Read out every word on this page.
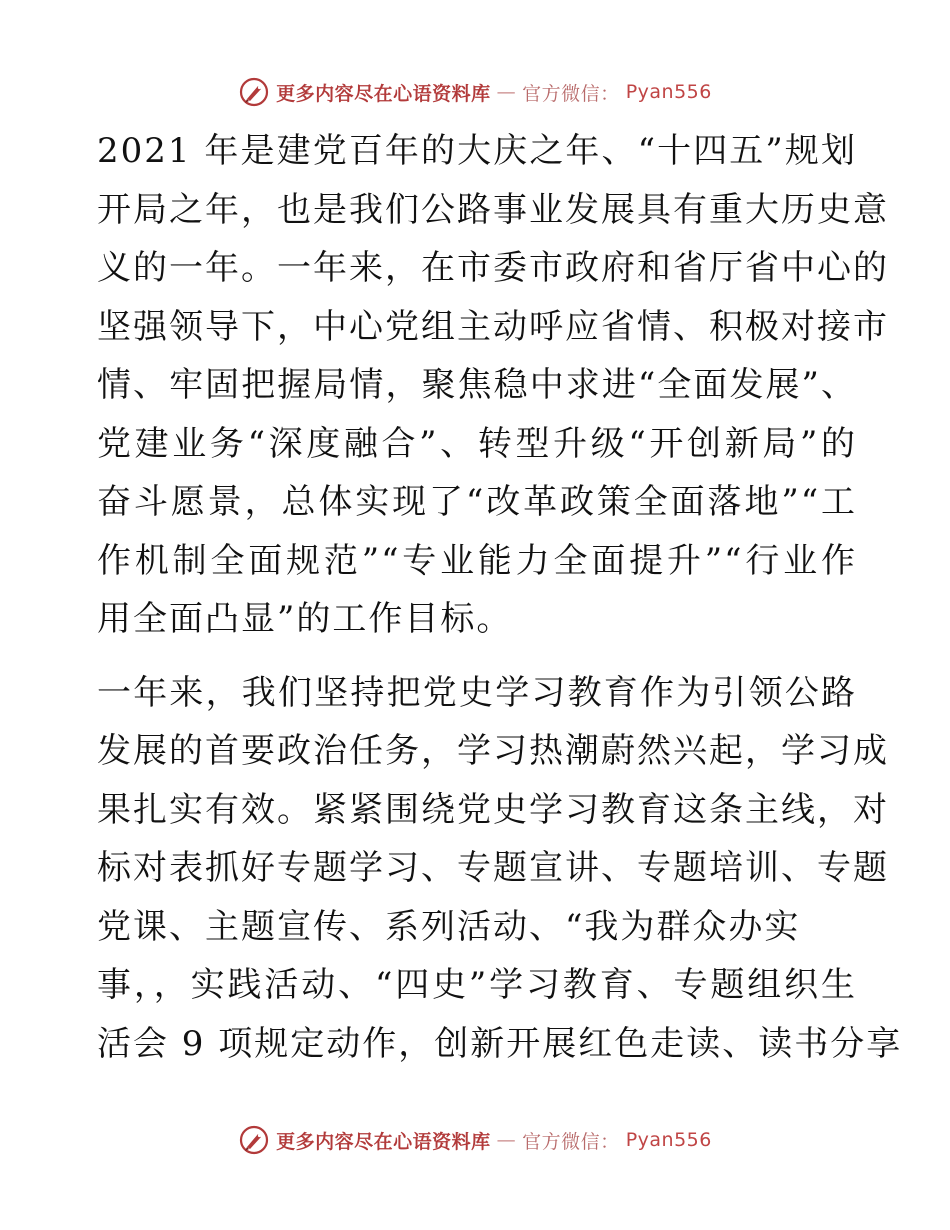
更多内容尽在心语资料库 — 官方微信： Pyan556
2021 年是建党百年的大庆之年、“十四五”规划
开局之年，也是我们公路事业发展具有重大历史意
义的一年。一年来，在市委市政府和省厅省中心的
坚强领导下，中心党组主动呼应省情、积极对接市
情、牢固把握局情，聚焦稳中求进“全面发展”、
党建业务“深度融合”、转型升级“开创新局”的
奋斗愿景，总体实现了“改革政策全面落地”“工
作机制全面规范”“专业能力全面提升”“行业作
用全面凸显”的工作目标。
一年来，我们坚持把党史学习教育作为引领公路
发展的首要政治任务，学习热潮蔚然兴起，学习成
果扎实有效。紧紧围绕党史学习教育这条主线，对
标对表抓好专题学习、专题宣讲、专题培训、专题
党课、主题宣传、系列活动、“我为群众办实
事，，实践活动、“四史”学习教育、专题组织生
活会 9 项规定动作，创新开展红色走读、读书分享
更多内容尽在心语资料库 — 官方微信： Pyan556
